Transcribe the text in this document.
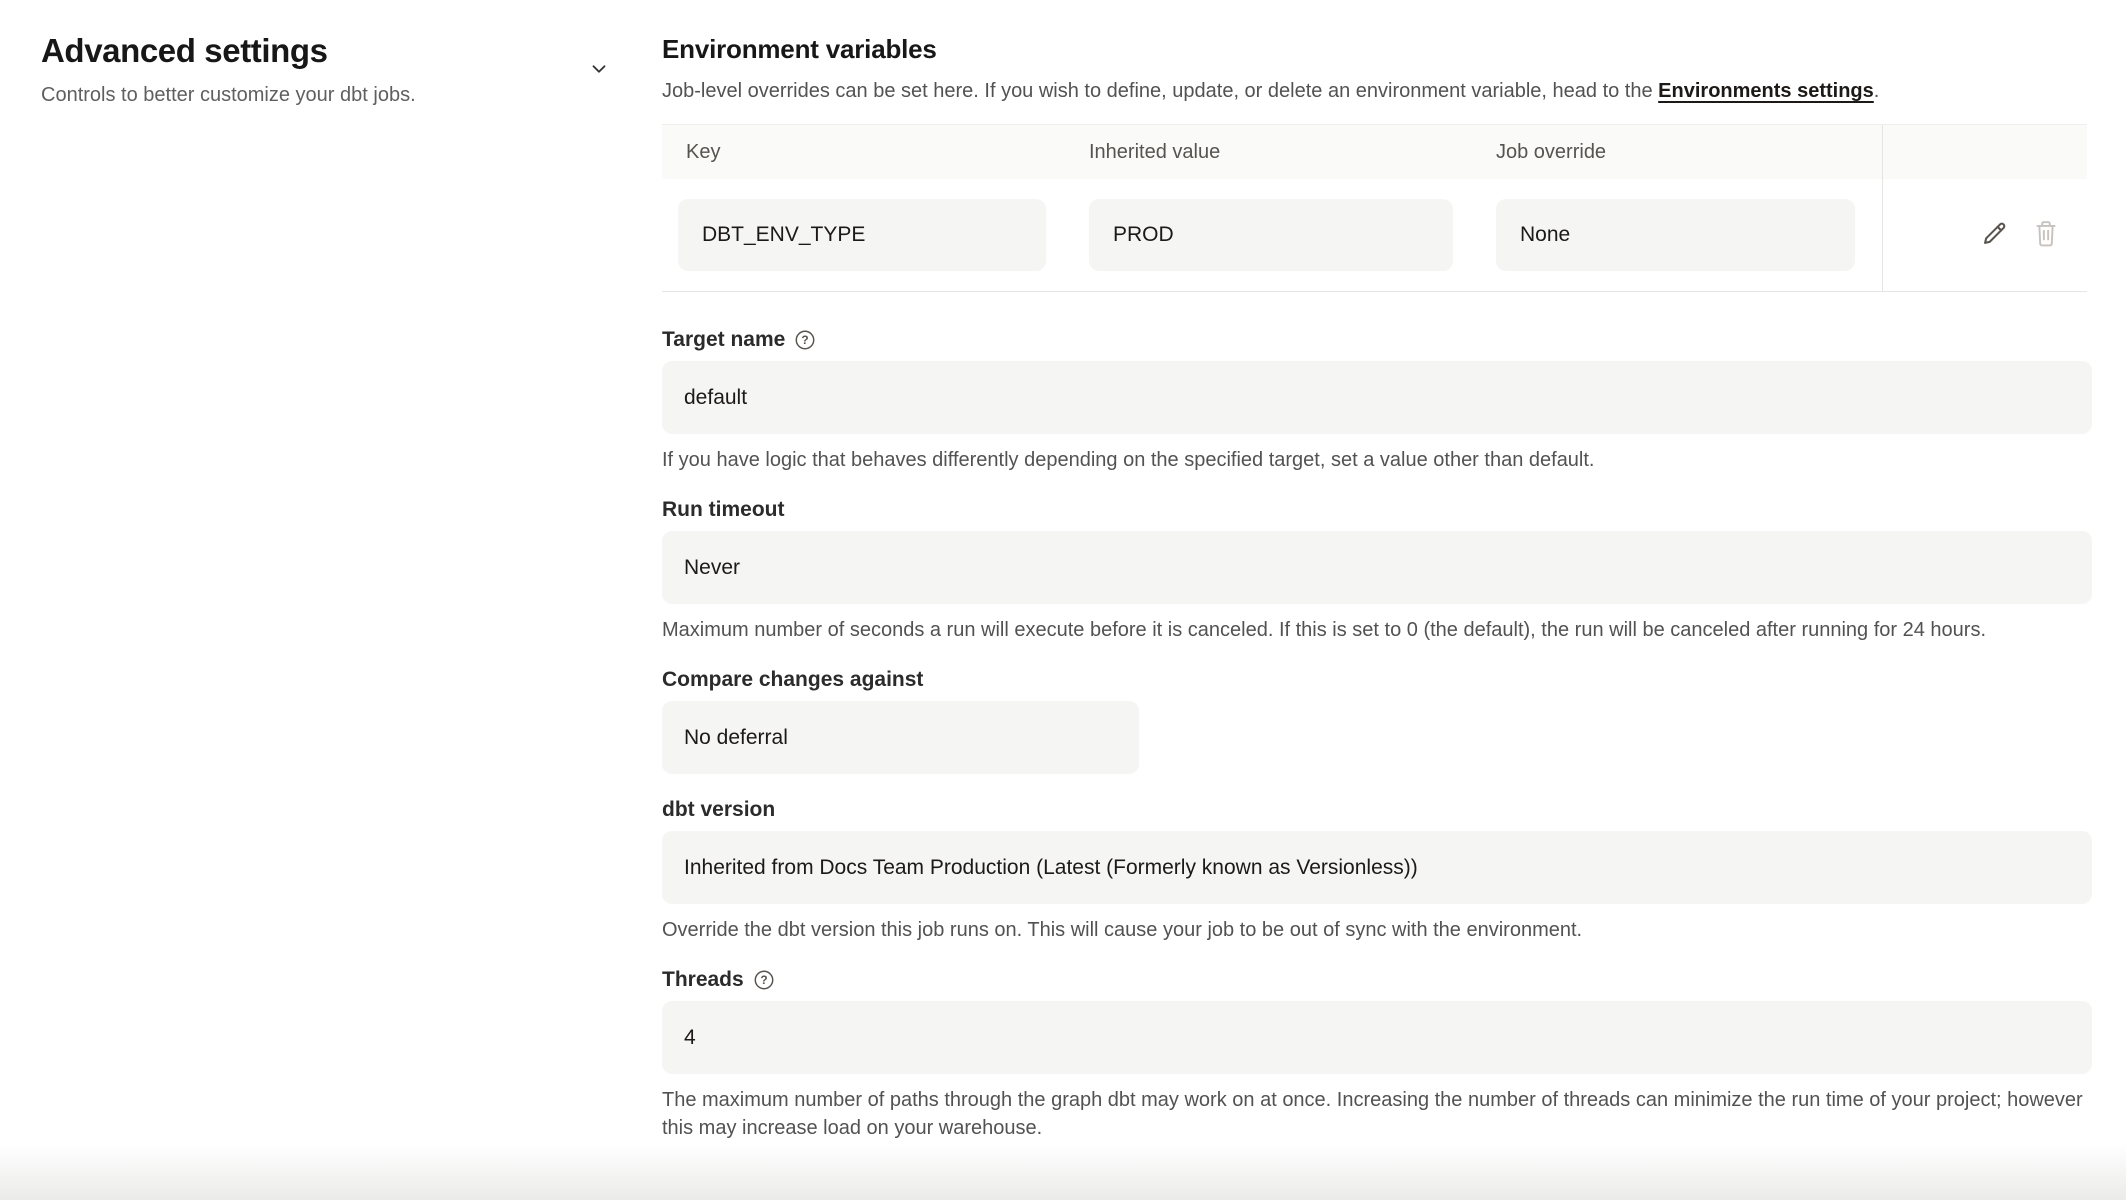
Advanced settings
Controls to better customize your dbt jobs.
Environment variables
Job-level overrides can be set here. If you wish to define, update, or delete an environment variable, head to the Environments settings.
Key	Inherited value	Job override
DBT_ENV_TYPE	PROD	None
Target name ?
default
If you have logic that behaves differently depending on the specified target, set a value other than default.
Run timeout
Never
Maximum number of seconds a run will execute before it is canceled. If this is set to 0 (the default), the run will be canceled after running for 24 hours.
Compare changes against
No deferral
dbt version
Inherited from Docs Team Production (Latest (Formerly known as Versionless))
Override the dbt version this job runs on. This will cause your job to be out of sync with the environment.
Threads ?
4
The maximum number of paths through the graph dbt may work on at once. Increasing the number of threads can minimize the run time of your project; however this may increase load on your warehouse.
